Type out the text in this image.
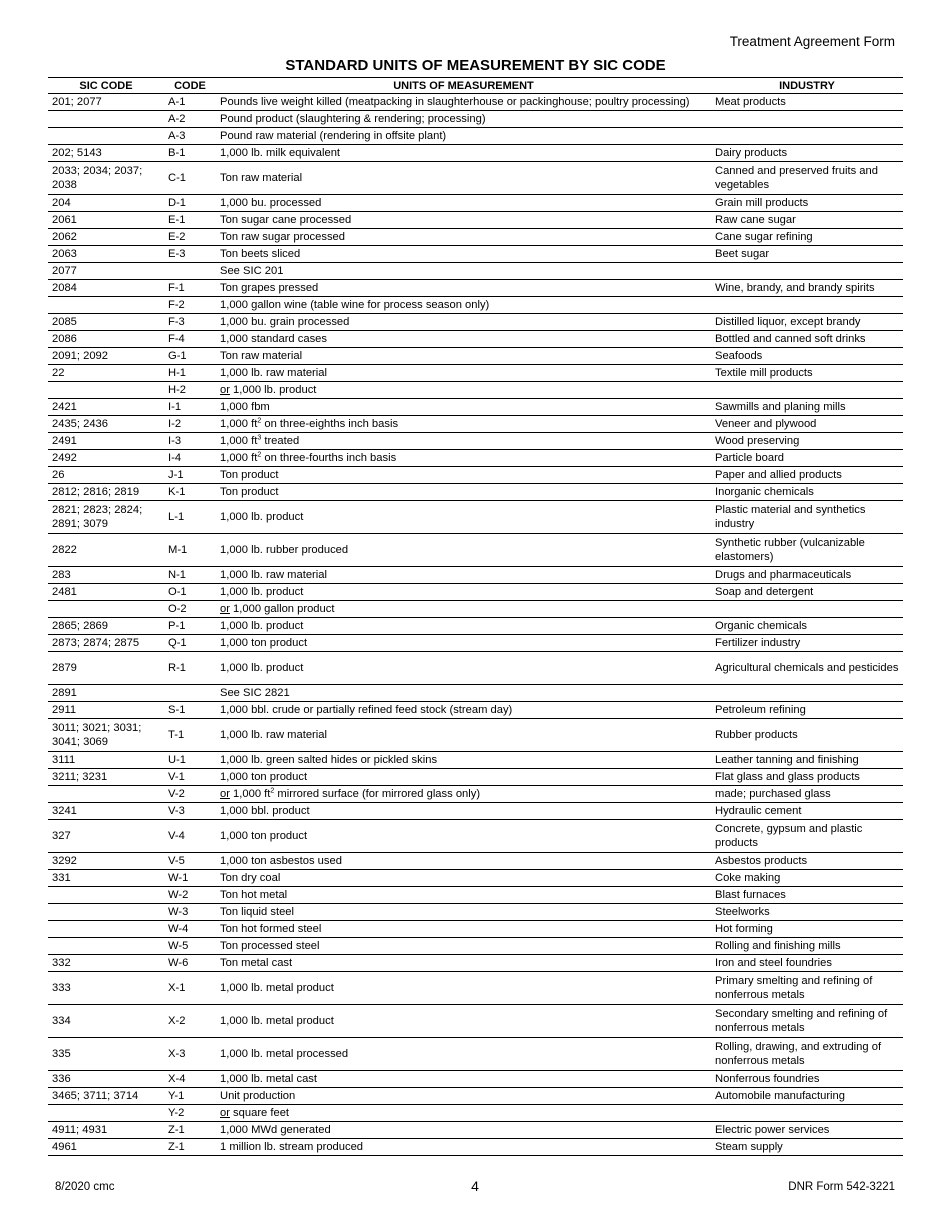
Treatment Agreement Form
STANDARD UNITS OF MEASUREMENT BY SIC CODE
SIC CODE	CODE	UNITS OF MEASUREMENT	INDUSTRY
201; 2077	A-1	Pounds live weight killed (meatpacking in slaughterhouse or packinghouse; poultry processing)	Meat products
	A-2	Pound product (slaughtering & rendering; processing)	
	A-3	Pound raw material (rendering in offsite plant)	
202; 5143	B-1	1,000 lb. milk equivalent	Dairy products
2033; 2034; 2037; 2038	C-1	Ton raw material	Canned and preserved fruits and vegetables
204	D-1	1,000 bu. processed	Grain mill products
2061	E-1	Ton sugar cane processed	Raw cane sugar
2062	E-2	Ton raw sugar processed	Cane sugar refining
2063	E-3	Ton beets sliced	Beet sugar
2077		See SIC 201	
2084	F-1	Ton grapes pressed	Wine, brandy, and brandy spirits
	F-2	1,000 gallon wine (table wine for process season only)	
2085	F-3	1,000 bu. grain processed	Distilled liquor, except brandy
2086	F-4	1,000 standard cases	Bottled and canned soft drinks
2091; 2092	G-1	Ton raw material	Seafoods
22	H-1	1,000 lb. raw material	Textile mill products
	H-2	or 1,000 lb. product	
2421	I-1	1,000 fbm	Sawmills and planing mills
2435; 2436	I-2	1,000 $ft^2$ on three-eighths inch basis	Veneer and plywood
2491	I-3	1,000 $ft^3$ treated	Wood preserving
2492	I-4	1,000 $ft^2$ on three-fourths inch basis	Particle board
26	J-1	Ton product	Paper and allied products
2812; 2816; 2819	K-1	Ton product	Inorganic chemicals
2821; 2823; 2824; 2891; 3079	L-1	1,000 lb. product	Plastic material and synthetics industry
2822	M-1	1,000 lb. rubber produced	Synthetic rubber (vulcanizable elastomers)
283	N-1	1,000 lb. raw material	Drugs and pharmaceuticals
2481	O-1	1,000 lb. product	Soap and detergent
	O-2	or 1,000 gallon product	
2865; 2869	P-1	1,000 lb. product	Organic chemicals
2873; 2874; 2875	Q-1	1,000 ton product	Fertilizer industry
2879	R-1	1,000 lb. product	Agricultural chemicals and pesticides
2891		See SIC 2821	
2911	S-1	1,000 bbl. crude or partially refined feed stock (stream day)	Petroleum refining
3011; 3021; 3031; 3041; 3069	T-1	1,000 lb. raw material	Rubber products
3111	U-1	1,000 lb. green salted hides or pickled skins	Leather tanning and finishing
3211; 3231	V-1	1,000 ton product	Flat glass and glass products
	V-2	or 1,000 $ft^2$ mirrored surface (for mirrored glass only)	made; purchased glass
3241	V-3	1,000 bbl. product	Hydraulic cement
327	V-4	1,000 ton product	Concrete, gypsum and plastic products
3292	V-5	1,000 ton asbestos used	Asbestos products
331	W-1	Ton dry coal	Coke making
	W-2	Ton hot metal	Blast furnaces
	W-3	Ton liquid steel	Steelworks
	W-4	Ton hot formed steel	Hot forming
	W-5	Ton processed steel	Rolling and finishing mills
332	W-6	Ton metal cast	Iron and steel foundries
333	X-1	1,000 lb. metal product	Primary smelting and refining of nonferrous metals
334	X-2	1,000 lb. metal product	Secondary smelting and refining of nonferrous metals
335	X-3	1,000 lb. metal processed	Rolling, drawing, and extruding of nonferrous metals
336	X-4	1,000 lb. metal cast	Nonferrous foundries
3465; 3711; 3714	Y-1	Unit production	Automobile manufacturing
	Y-2	or square feet	
4911; 4931	Z-1	1,000 MWd generated	Electric power services
4961	Z-1	1 million lb. stream produced	Steam supply
8/2020 cmc	4	DNR Form 542-3221
